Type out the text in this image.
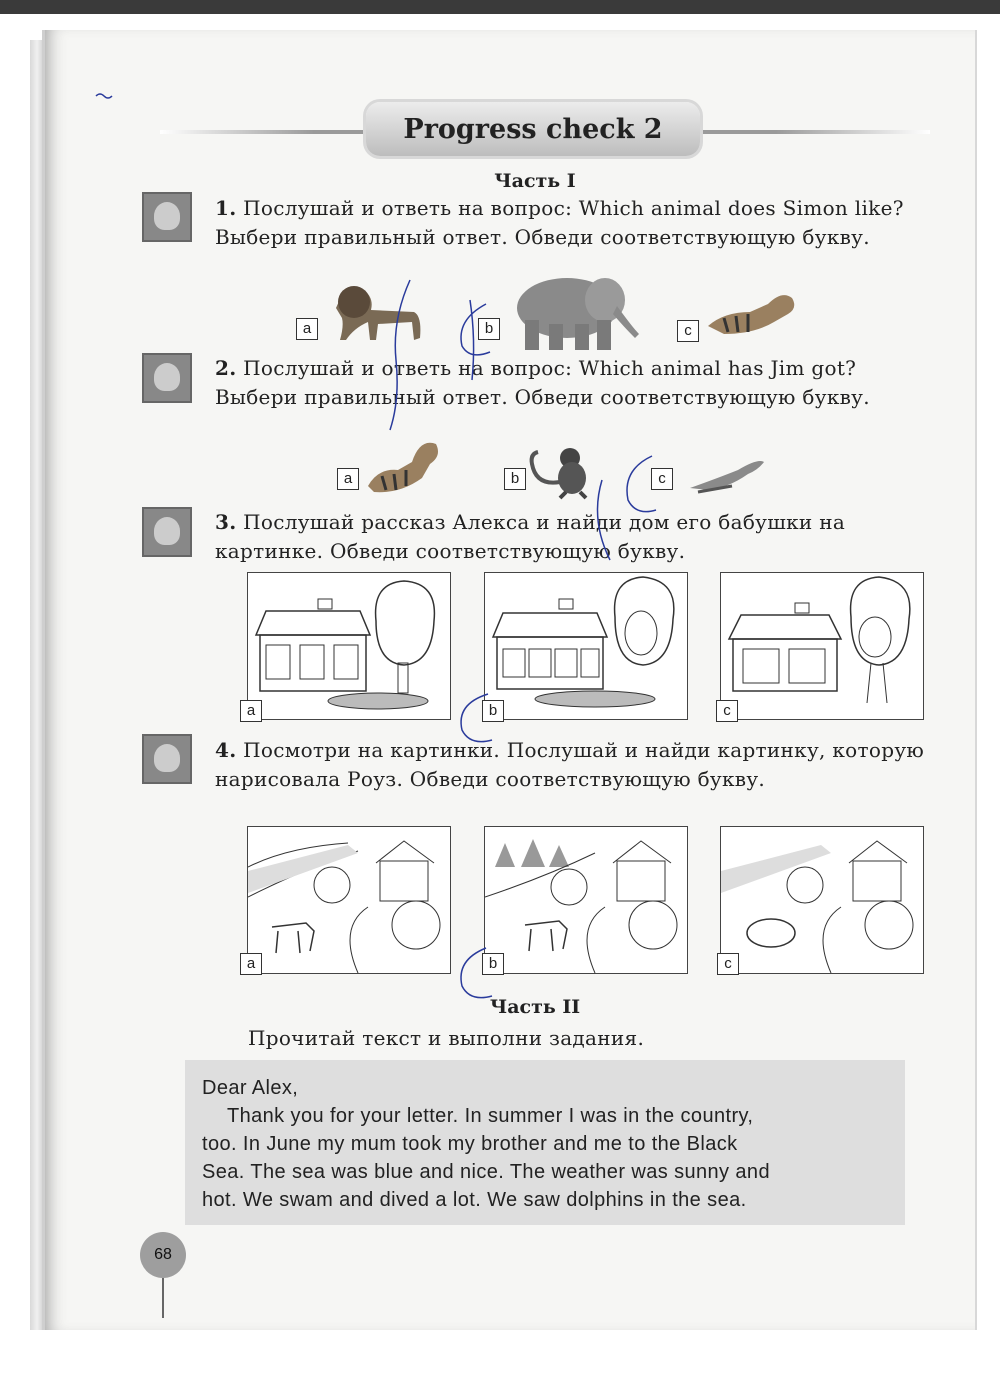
Progress check 2
Часть I

1. Послушай и ответь на вопрос: Which animal does Simon like? Выбери правильный ответ. Обведи соответствующую букву.

a	b	c

2. Послушай и ответь на вопрос: Which animal has Jim got? Выбери правильный ответ. Обведи соответствующую букву.

a	b	c

3. Послушай рассказ Алекса и найди дом его бабушки на картинке. Обведи соответствующую букву.

a	b	c

4. Посмотри на картинки. Послушай и найди картинку, которую нарисовала Роуз. Обведи соответствующую букву.

a	b	c
Часть II
Прочитай текст и выполни задания.

Dear Alex,

Thank you for your letter. In summer I was in the country,

too. In June my mum took my brother and me to the Black

Sea. The sea was blue and nice. The weather was sunny and

hot. We swam and dived a lot. We saw dolphins in the sea.

68
